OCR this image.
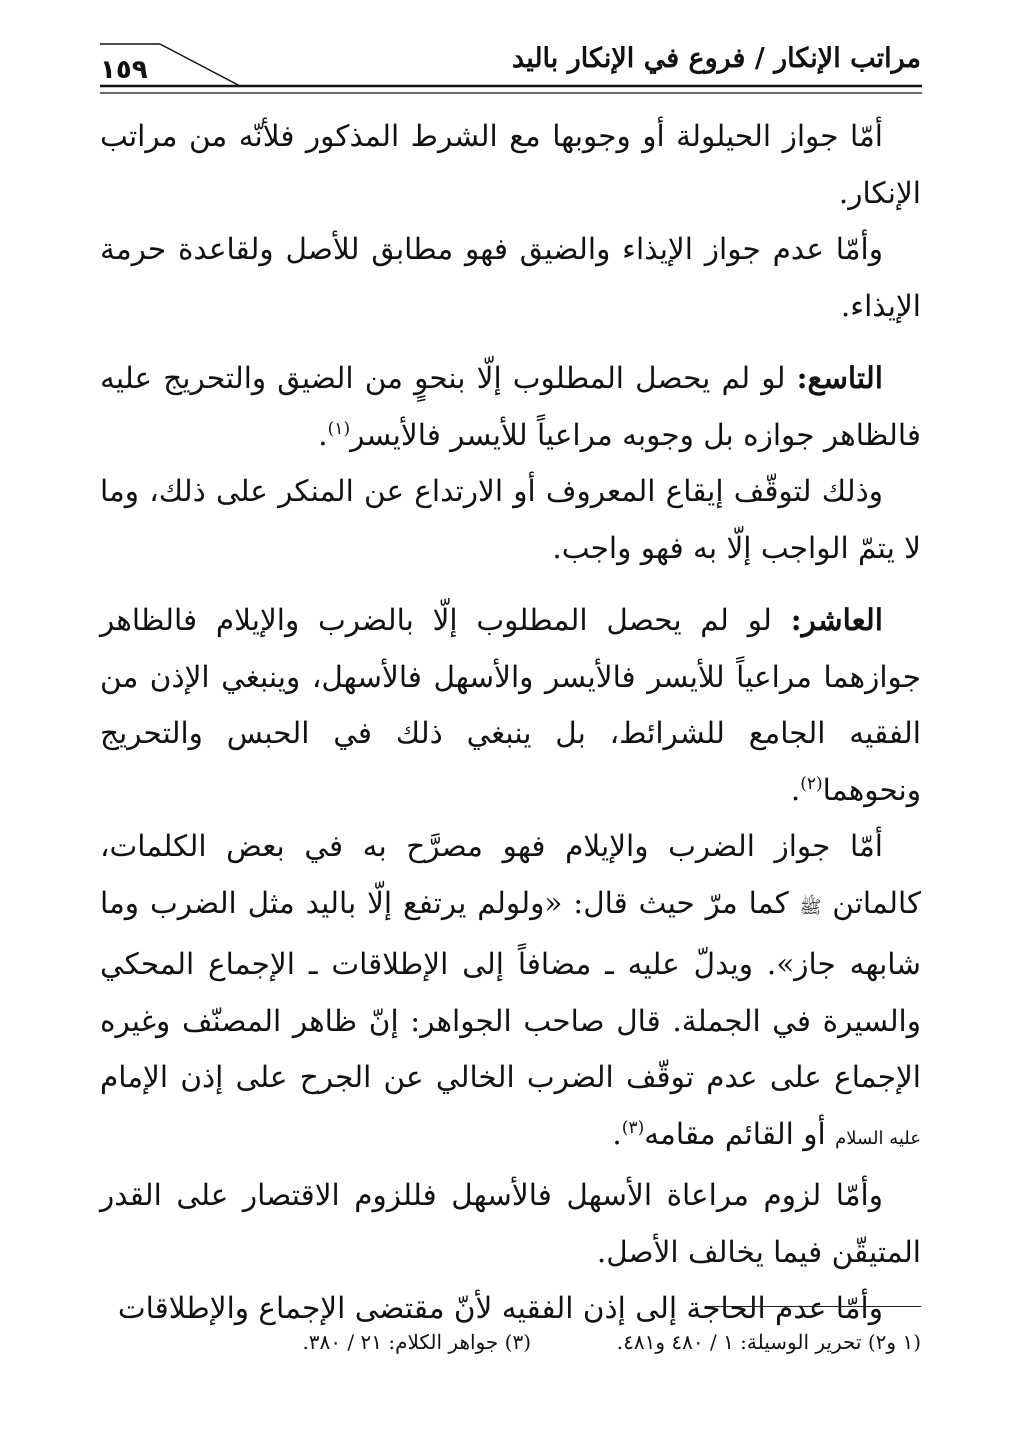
مراتب الإنكار / فروع في الإنكار باليد
١٥٩

أمّا جواز الحيلولة أو وجوبها مع الشرط المذكور فلأنّه من مراتب الإنكار.

وأمّا عدم جواز الإيذاء والضيق فهو مطابق للأصل ولقاعدة حرمة الإيذاء.

التاسع: لو لم يحصل المطلوب إلّا بنحوٍ من الضيق والتحريج عليه فالظاهر جوازه بل وجوبه مراعياً للأيسر فالأيسر$^{(١)}$.

وذلك لتوقّف إيقاع المعروف أو الارتداع عن المنكر على ذلك، وما لا يتمّ الواجب إلّا به فهو واجب.

العاشر: لو لم يحصل المطلوب إلّا بالضرب والإيلام فالظاهر جوازهما مراعياً للأيسر فالأيسر والأسهل فالأسهل، وينبغي الإذن من الفقيه الجامع للشرائط، بل ينبغي ذلك في الحبس والتحريج ونحوهما$^{(٢)}$.

أمّا جواز الضرب والإيلام فهو مصرَّح به في بعض الكلمات، كالماتن ﷺ كما مرّ حيث قال: «ولولم يرتفع إلّا باليد مثل الضرب وما شابهه جاز». ويدلّ عليه ـ مضافاً إلى الإطلاقات ـ الإجماع المحكي والسيرة في الجملة. قال صاحب الجواهر: إنّ ظاهر المصنّف وغيره الإجماع على عدم توقّف الضرب الخالي عن الجرح على إذن الإمام عليه السلام أو القائم مقامه$^{(٣)}$.

وأمّا لزوم مراعاة الأسهل فالأسهل فللزوم الاقتصار على القدر المتيقّن فيما يخالف الأصل.

وأمّا عدم الحاجة إلى إذن الفقيه لأنّ مقتضى الإجماع والإطلاقات

(١ و٢) تحرير الوسيلة: ١ / ٤٨٠ و٤٨١.
(٣) جواهر الكلام: ٢١ / ٣٨٠.
